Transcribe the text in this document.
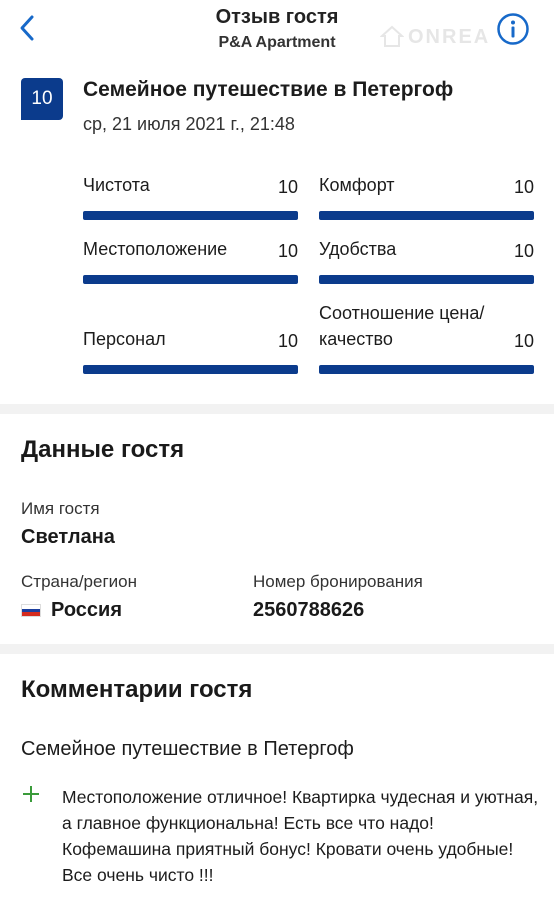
Отзыв гостя
P&A Apartment	ONREA
10	Семейное путешествие в Петергоф
ср, 21 июля 2021 г., 21:48
Чистота	10 Комфорт	10
Местоположение	10 Удобства	10
Персонал	10
Соотношение цена/качество	10
Данные гостя
Имя гостя
Светлана
Страна/регион
Россия
Номер бронирования
2560788626
Комментарии гостя
Семейное путешествие в Петергоф
Местоположение отличное! Квартирка чудесная и уютная, а главное функциональна! Есть все что надо! Кофемашина приятный бонус! Кровати очень удобные! Все очень чисто !!!
